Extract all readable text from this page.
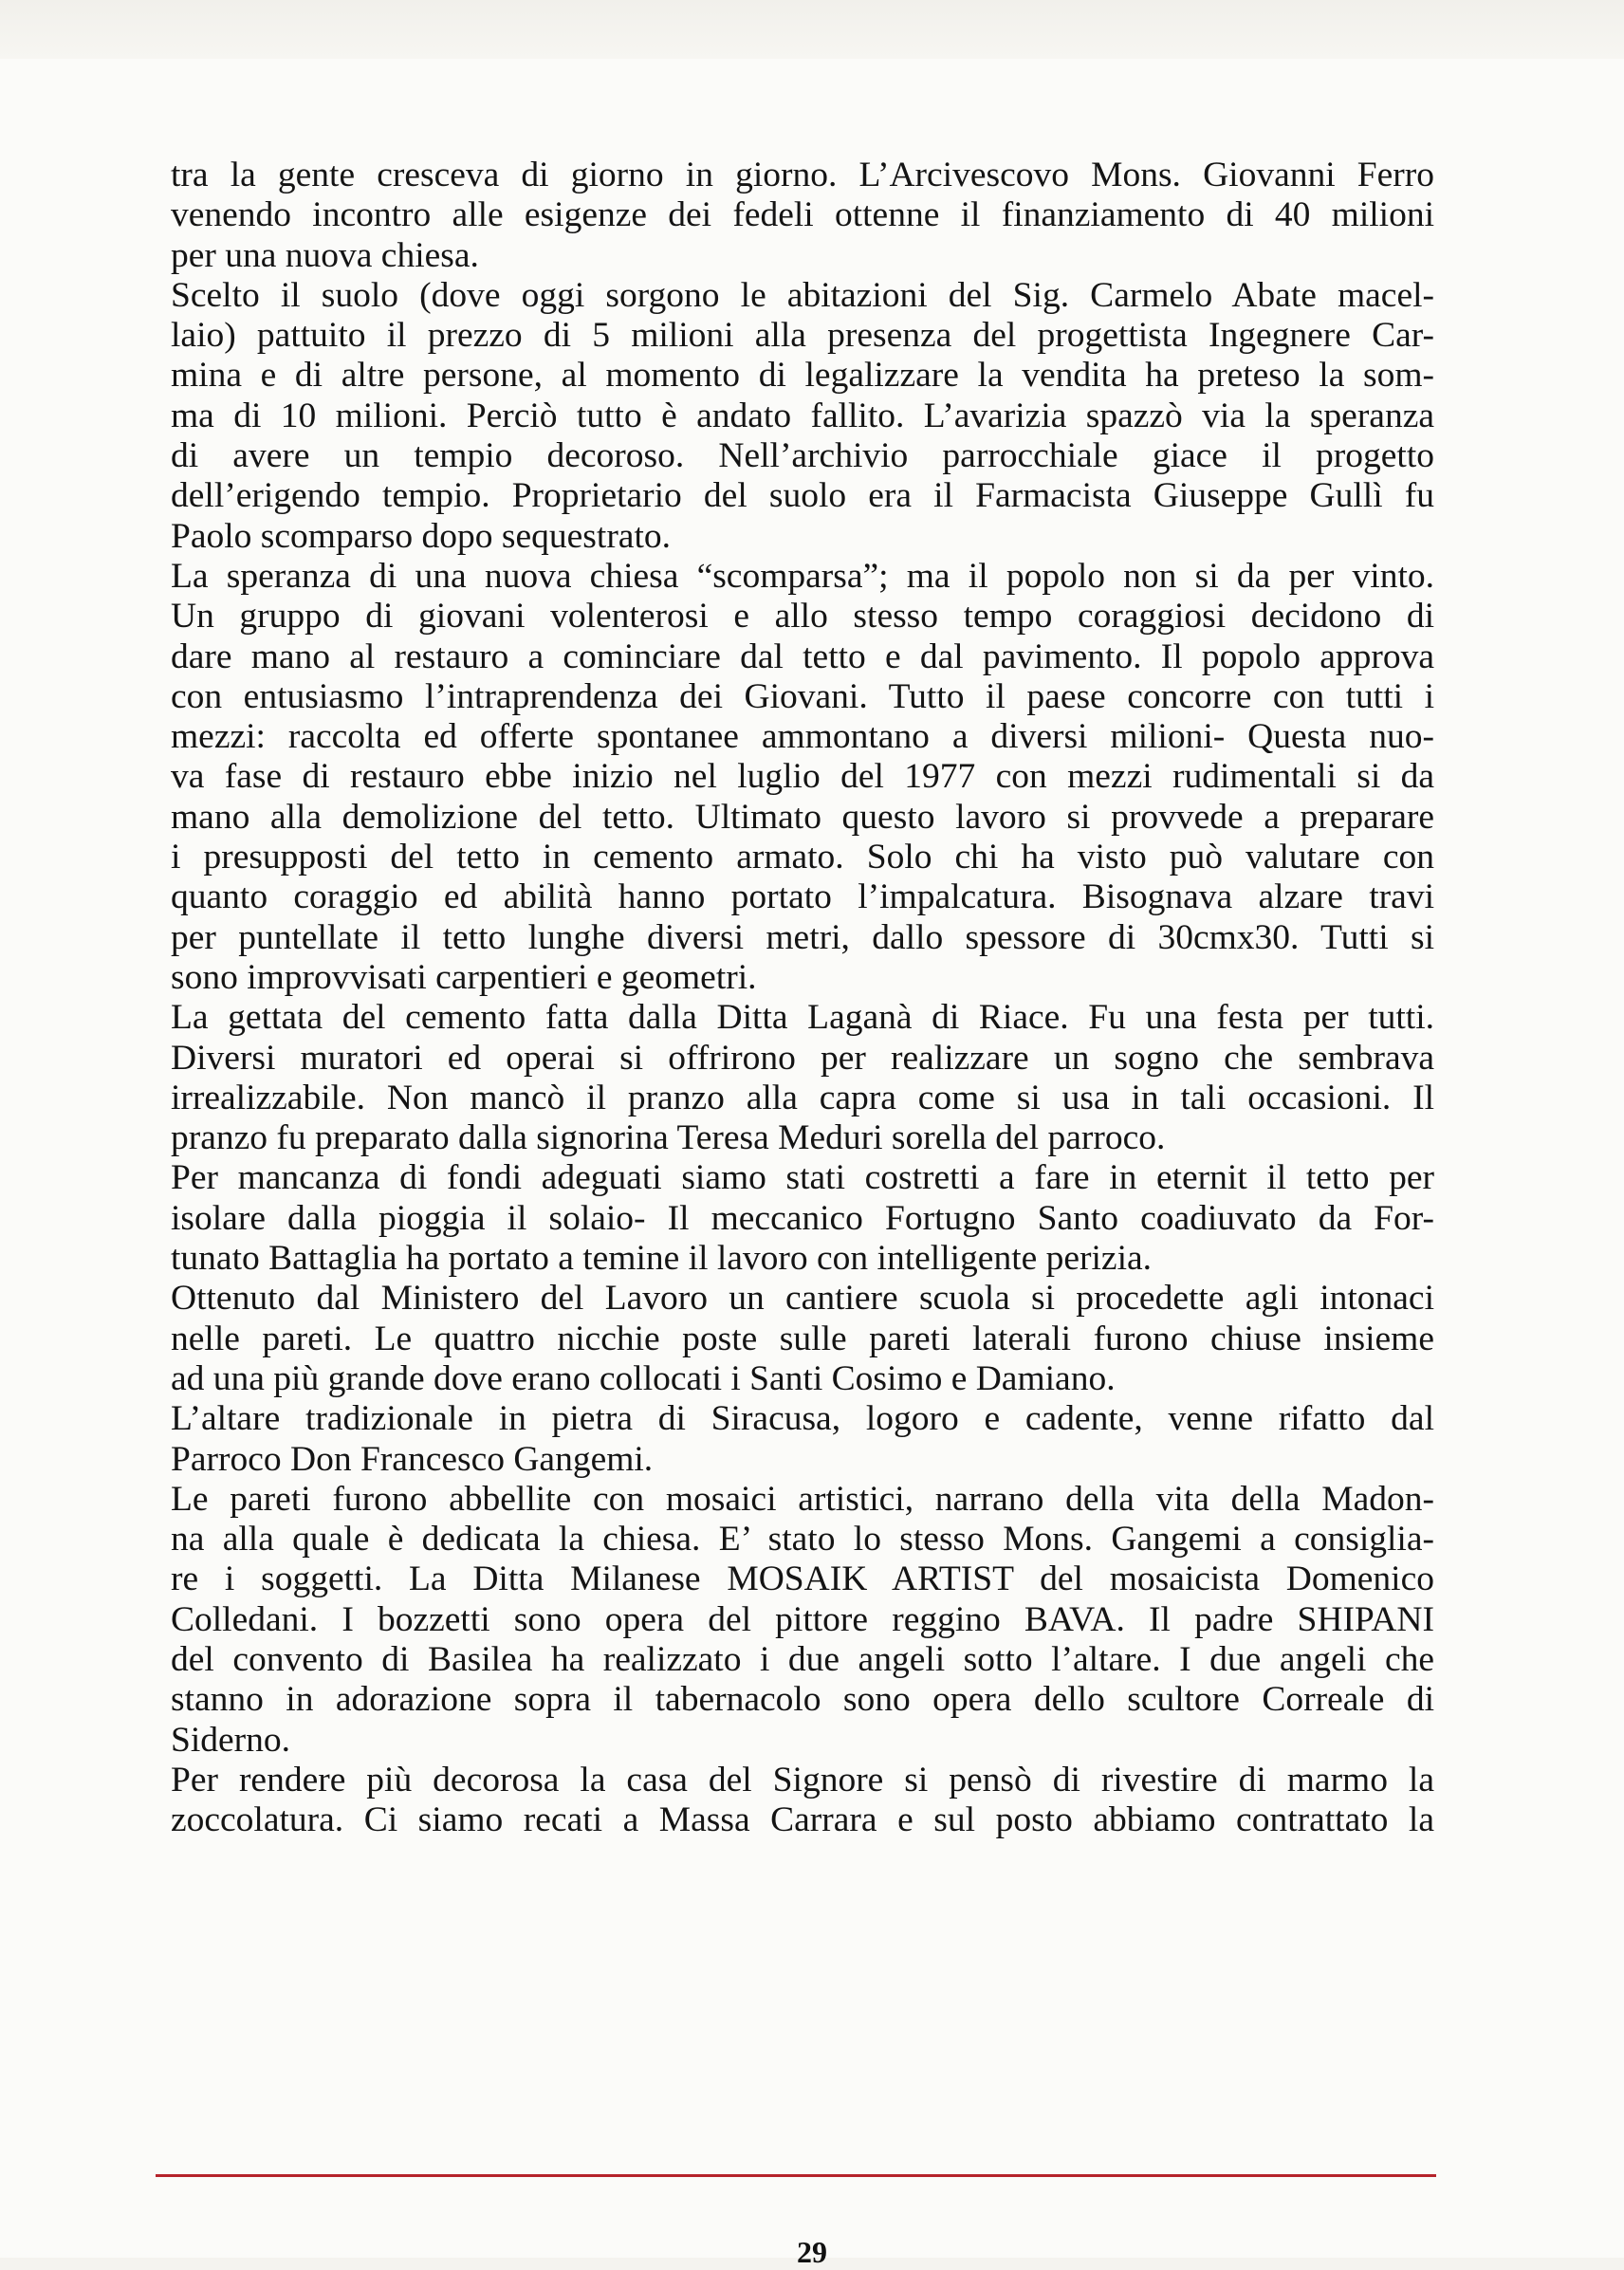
tra la gente cresceva di giorno in giorno. L’Arcivescovo Mons. Giovanni Ferro
venendo incontro alle esigenze dei fedeli ottenne il finanziamento di 40 milioni
per una nuova chiesa.
Scelto il suolo (dove oggi sorgono le abitazioni del Sig. Carmelo Abate macel-
laio) pattuito il prezzo di 5 milioni alla presenza del progettista Ingegnere Car-
mina e di altre persone, al momento di legalizzare la vendita ha preteso la som-
ma di 10 milioni. Perciò tutto è andato fallito. L’avarizia spazzò via la speranza
di avere un tempio decoroso. Nell’archivio parrocchiale giace il progetto
dell’erigendo tempio. Proprietario del suolo era il Farmacista Giuseppe Gullì fu
Paolo scomparso dopo sequestrato.
La speranza di una nuova chiesa “scomparsa”; ma il popolo non si da per vinto.
Un gruppo di giovani volenterosi e allo stesso tempo coraggiosi decidono di
dare mano al restauro a cominciare dal tetto e dal pavimento. Il popolo approva
con entusiasmo l’intraprendenza dei Giovani. Tutto il paese concorre con tutti i
mezzi: raccolta ed offerte spontanee ammontano a diversi milioni- Questa nuo-
va fase di restauro ebbe inizio nel luglio del 1977 con mezzi rudimentali si da
mano alla demolizione del tetto. Ultimato questo lavoro si provvede a preparare
i presupposti del tetto in cemento armato. Solo chi ha visto può valutare con
quanto coraggio ed abilità hanno portato l’impalcatura. Bisognava alzare travi
per puntellate il tetto lunghe diversi metri, dallo spessore di 30cmx30. Tutti si
sono improvvisati carpentieri e geometri.
La gettata del cemento fatta dalla Ditta Laganà di Riace. Fu una festa per tutti.
Diversi muratori ed operai si offrirono per realizzare un sogno che sembrava
irrealizzabile. Non mancò il pranzo alla capra come si usa in tali occasioni. Il
pranzo fu preparato dalla signorina Teresa Meduri sorella del parroco.
Per mancanza di fondi adeguati siamo stati costretti a fare in eternit il tetto per
isolare dalla pioggia il solaio- Il meccanico Fortugno Santo coadiuvato da For-
tunato Battaglia ha portato a temine il lavoro con intelligente perizia.
Ottenuto dal Ministero del Lavoro un cantiere scuola si procedette agli intonaci
nelle pareti. Le quattro nicchie poste sulle pareti laterali furono chiuse insieme
ad una più grande dove erano collocati i Santi Cosimo e Damiano.
L’altare tradizionale in pietra di Siracusa, logoro e cadente, venne rifatto dal
Parroco Don Francesco Gangemi.
Le pareti furono abbellite con mosaici artistici, narrano della vita della Madon-
na alla quale è dedicata la chiesa. E’ stato lo stesso Mons. Gangemi a consiglia-
re i soggetti. La Ditta Milanese MOSAIK ARTIST del mosaicista Domenico
Colledani. I bozzetti sono opera del pittore reggino BAVA. Il padre SHIPANI
del convento di Basilea ha realizzato i due angeli sotto l’altare. I due angeli che
stanno in adorazione sopra il tabernacolo sono opera dello scultore Correale di
Siderno.
Per rendere più decorosa la casa del Signore si pensò di rivestire di marmo la
zoccolatura. Ci siamo recati a Massa Carrara e sul posto abbiamo contrattato la
29
